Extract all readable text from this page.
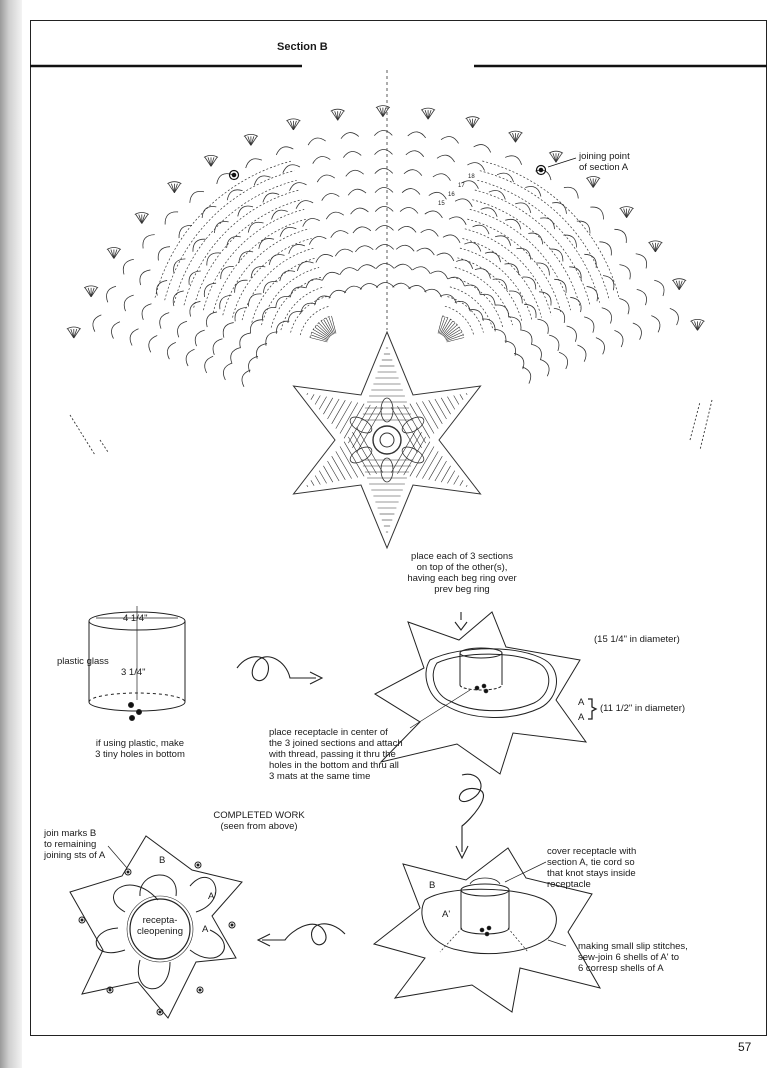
Section B
18
17
16
15
joining point
of section A
4 1/4"
3 1/4"
plastic glass
if using plastic, make
3 tiny holes in bottom
place each of 3 sections
on top of the other(s),
having each beg ring over
prev beg ring
(15 1/4" in diameter)
A
A
(11 1/2" in diameter)
place receptacle in center of
the 3 joined sections and attach
with thread, passing it thru the
holes in the bottom and thru all
3 mats at the same time
cover receptacle with
section A, tie cord so
that knot stays inside
receptacle
B
A'
making small slip stitches,
sew-join 6 shells of A' to
6 corresp shells of A
COMPLETED WORK
(seen from above)
join marks B
to remaining
joining sts of A	B
A'
A
recepta-
cleopening
57
